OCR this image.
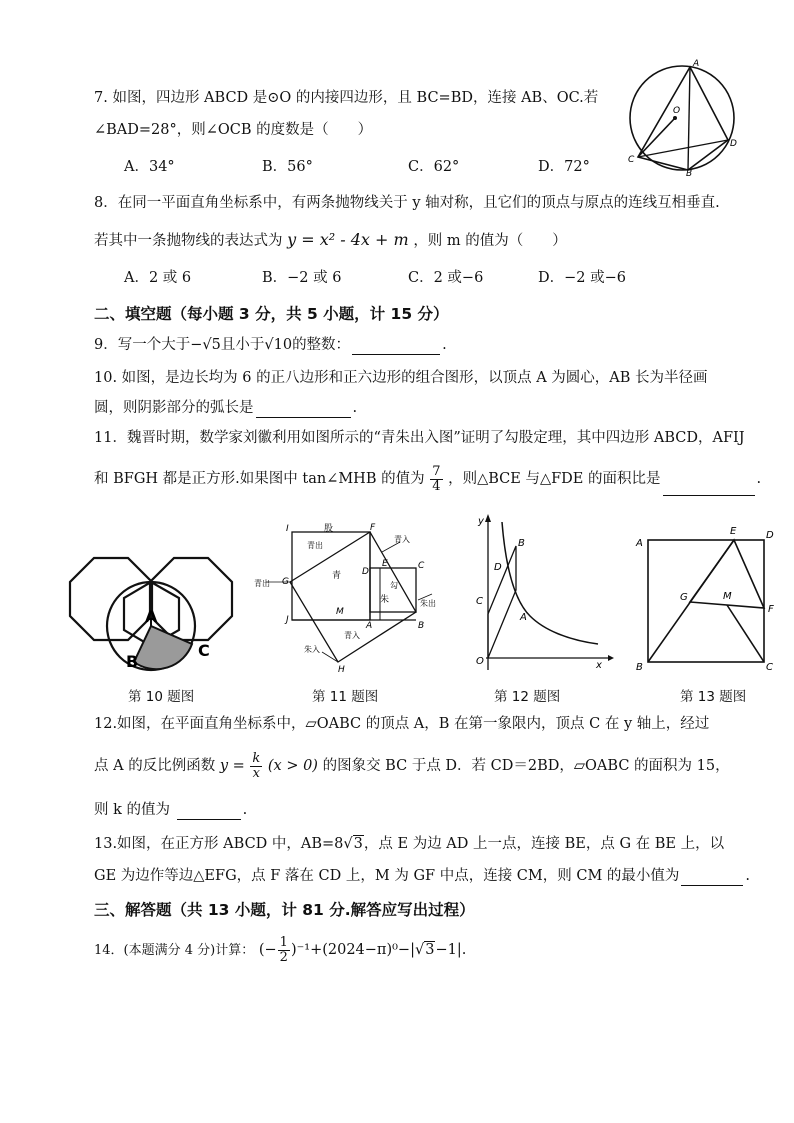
7. 如图，四边形 ABCD 是⊙O 的内接四边形，且 BC=BD，连接 AB、OC.若
∠BAD=28°，则∠OCB 的度数是（　　）
A．34°	B．56°	C．62°	D．72°
A
O
D
C
B
8．在同一平面直角坐标系中，有两条抛物线关于 y 轴对称，且它们的顶点与原点的连线互相垂直.
若其中一条抛物线的表达式为 y = x² - 4x + m ，则 m 的值为（　　）
A．2 或 6	B．−2 或 6	C．2 或−6	D．−2 或−6
二、填空题（每小题 3 分，共 5 小题，计 15 分）
9．写一个大于−√5且小于√10的整数：	.
10. 如图，是边长均为 6 的正八边形和正六边形的组合图形，以顶点 A 为圆心，AB 长为半径画
圆，则阴影部分的弧长是	.
11．魏晋时期，数学家刘徽利用如图所示的“青朱出入图”证明了勾股定理，其中四边形 ABCD，AFIJ
和 BFGH 都是正方形.如果图中 tan∠MHB 的值为 $\frac{7}{4}$ ，则△BCE 与△FDE 的面积比是	.
A
B
C
第 10 题图
I	F
G
J
M
A	B
H
D
E	C
股
青出
青
青入
勾
朱	朱出
青出
青入
朱入
第 11 题图
y
x
O
A
B
C
D
第 12 题图
A
B	C
D
E
F
G	M
第 13 题图
12.如图，在平面直角坐标系中，▱OABC 的顶点 A，B 在第一象限内，顶点 C 在 y 轴上，经过
点 A 的反比例函数 $y = \frac{k}{x} (x > 0)$ 的图象交 BC 于点 D．若 CD＝2BD，▱OABC 的面积为 15，
则 k 的值为	.
13.如图，在正方形 ABCD 中，AB=8√3，点 E 为边 AD 上一点，连接 BE，点 G 在 BE 上，以
GE 为边作等边△EFG，点 F 落在 CD 上，M 为 GF 中点，连接 CM，则 CM 的最小值为	.
三、解答题（共 13 小题，计 81 分.解答应写出过程）
14．(本题满分 4 分)计算： (− $\frac{1}{2} )^{-1}+(2024-\pi)^0-|√3-1|$.
